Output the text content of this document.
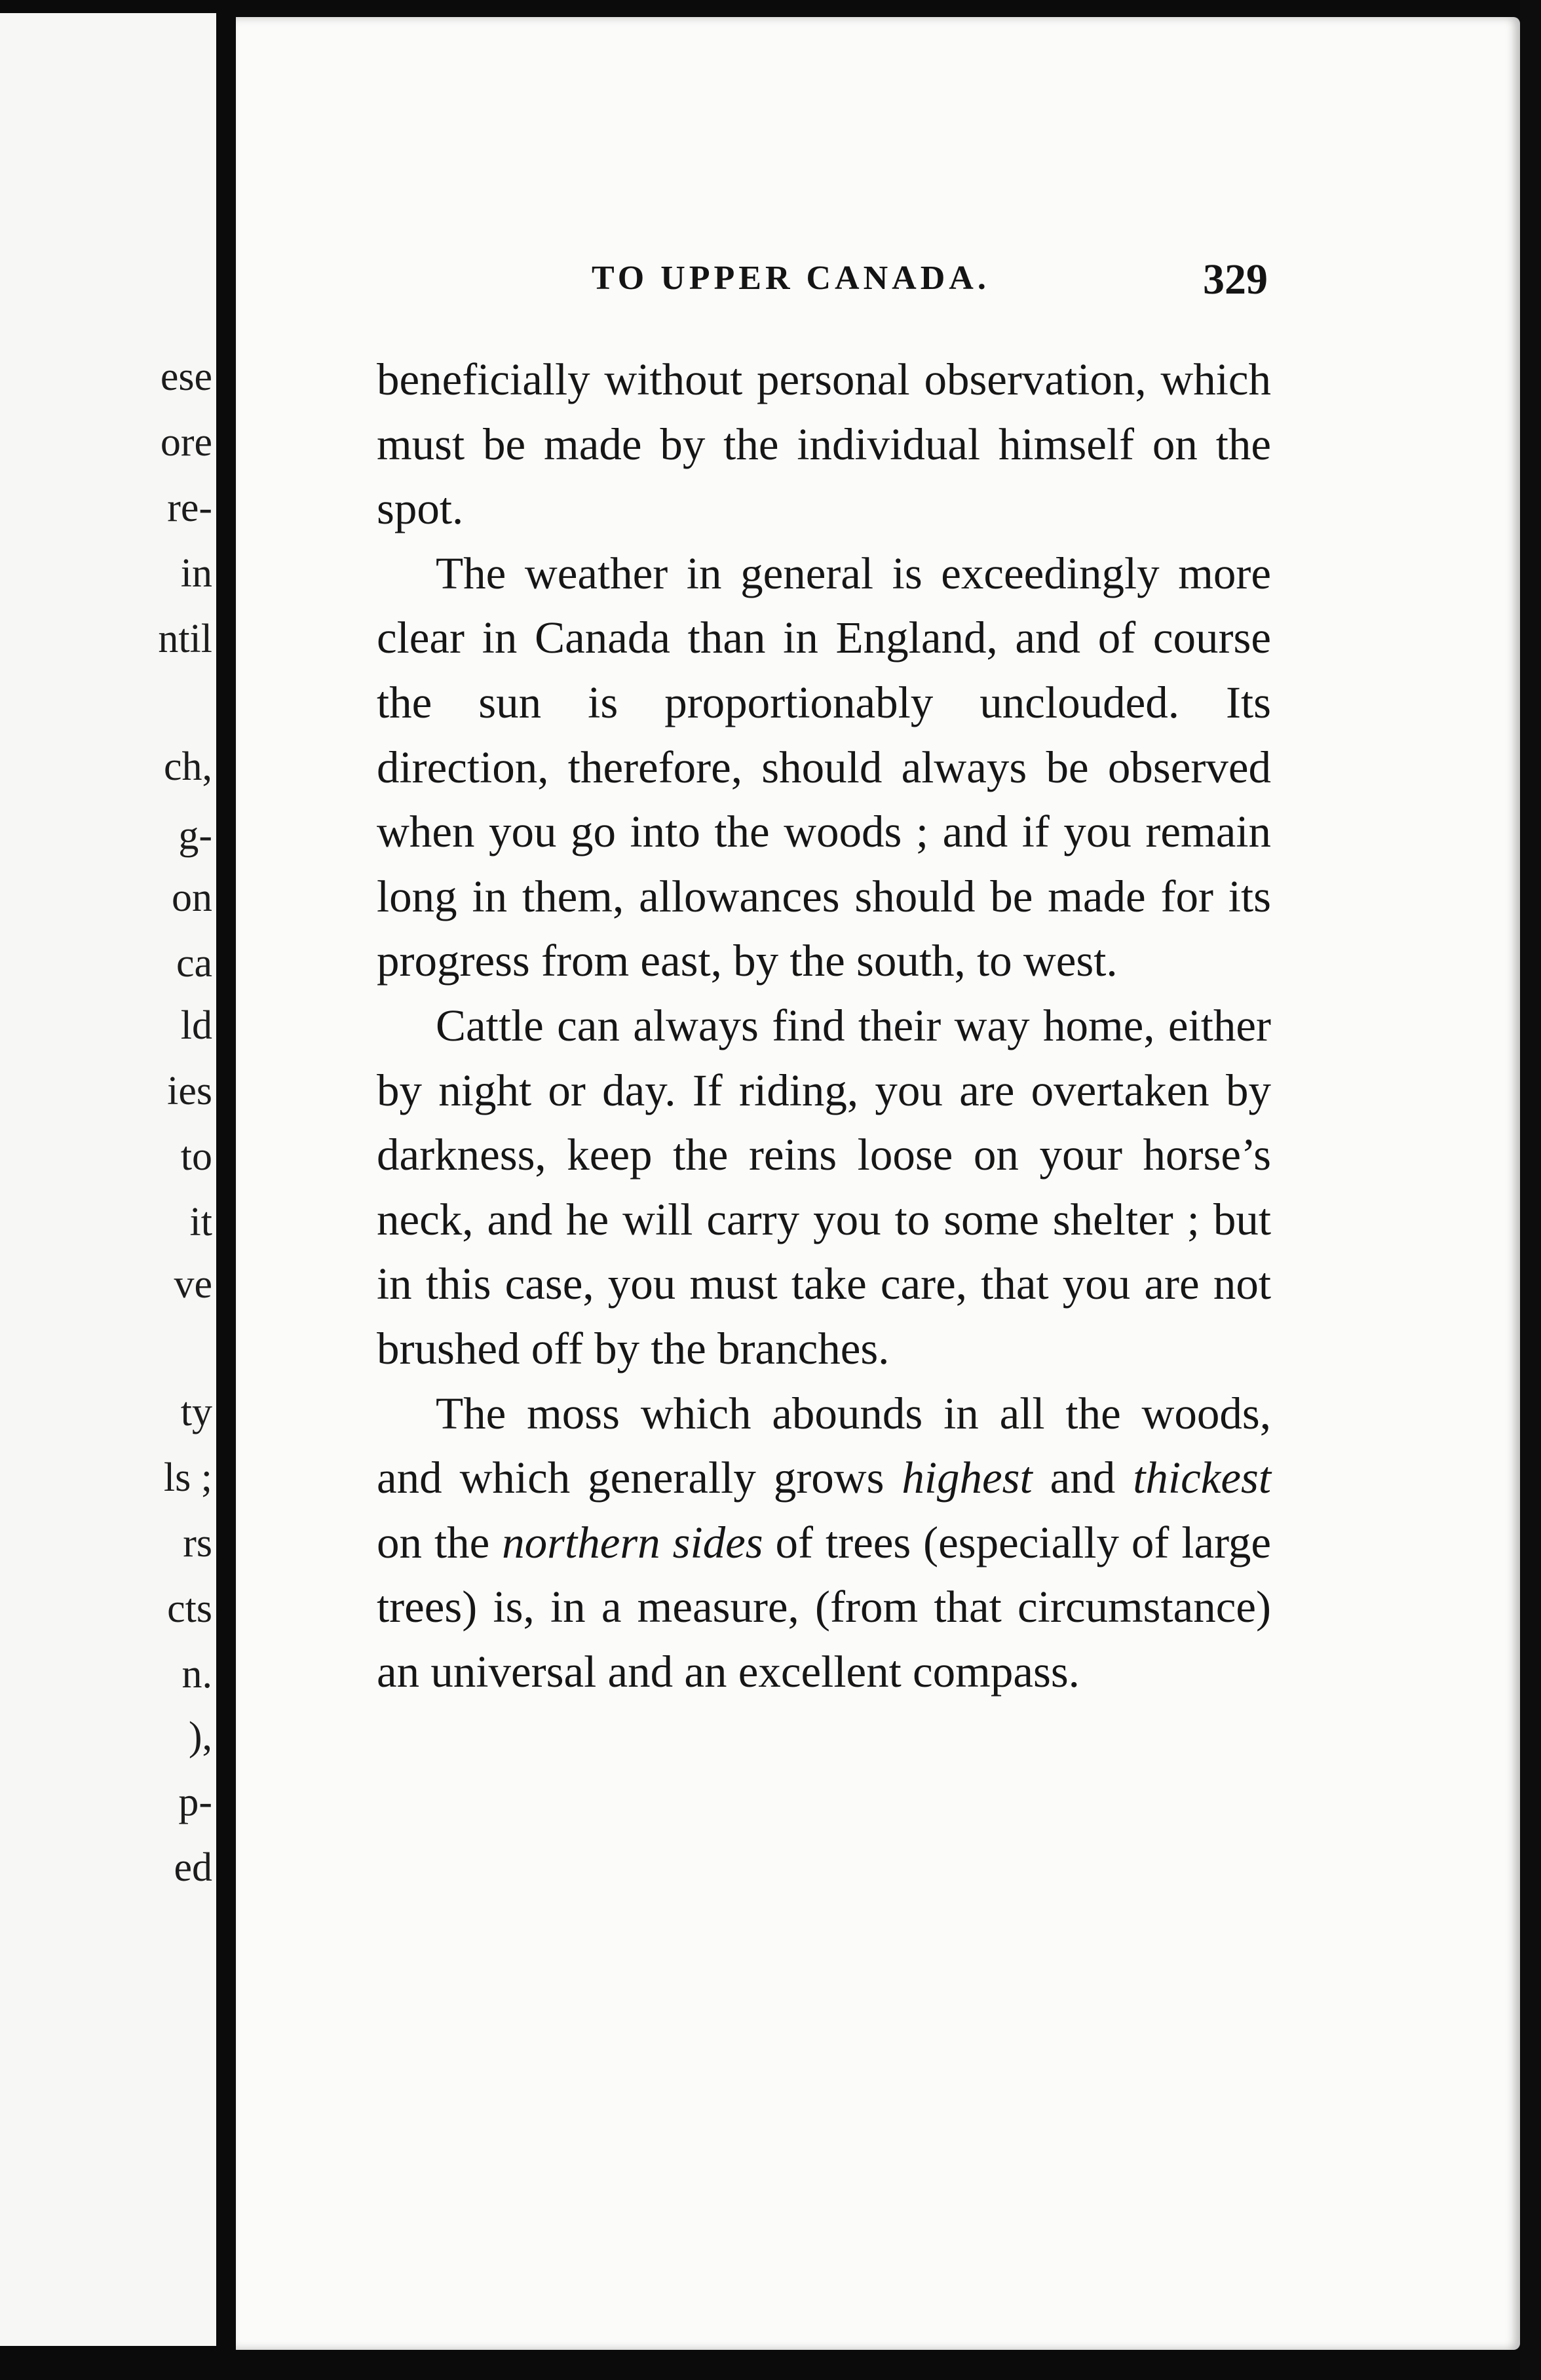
ese
ore
re-
in
ntil
ch,
g-
on
ca
ld
ies
to
it
ve
ty
ls ;
rs
cts
n.
),
p-
ed
TO UPPER CANADA.	329

beneficially without personal observation, which must be made by the individual himself on the spot.

The weather in general is exceedingly more clear in Canada than in England, and of course the sun is proportionably unclouded. Its direction, therefore, should always be observed when you go into the woods ; and if you remain long in them, allowances should be made for its progress from east, by the south, to west.

Cattle can always find their way home, either by night or day. If riding, you are overtaken by darkness, keep the reins loose on your horse’s neck, and he will carry you to some shelter ; but in this case, you must take care, that you are not brushed off by the branches.

The moss which abounds in all the woods, and which generally grows highest and thickest on the northern sides of trees (especially of large trees) is, in a measure, (from that circumstance) an universal and an excellent compass.
